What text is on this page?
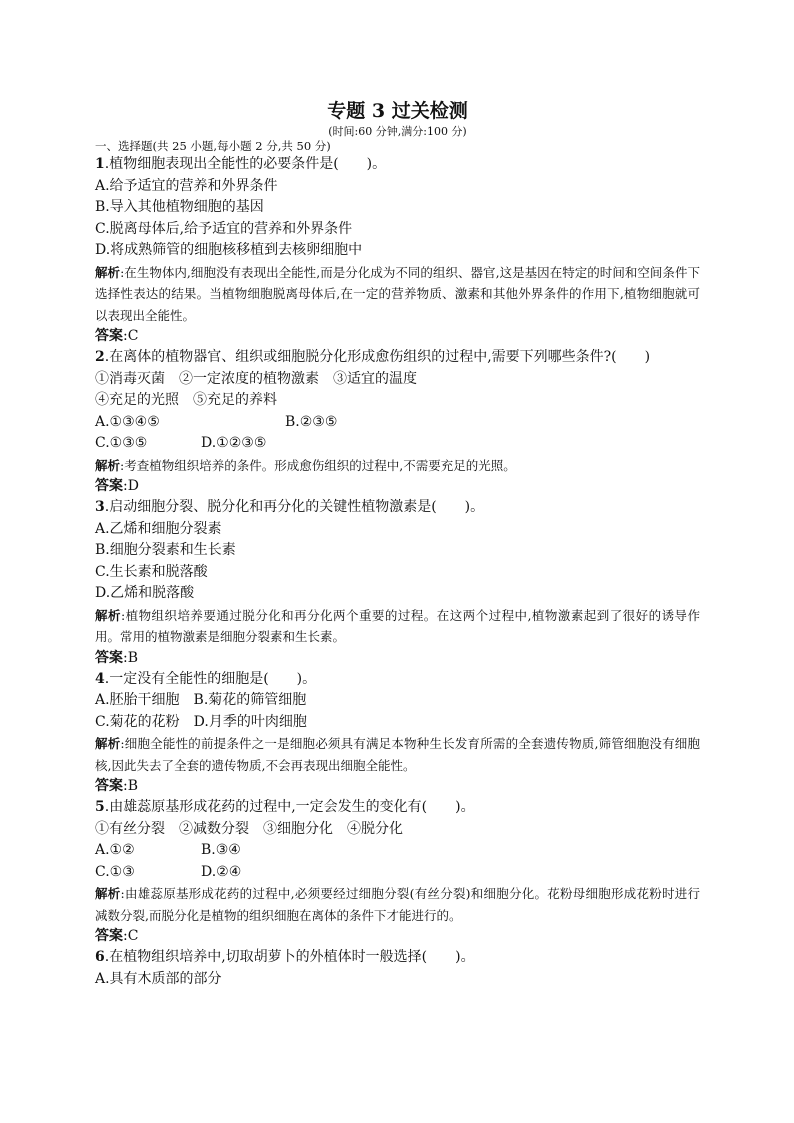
专题 3 过关检测
(时间:60 分钟,满分:100 分)
一、选择题(共 25 小题,每小题 2 分,共 50 分)
1.植物细胞表现出全能性的必要条件是(　　)。
A.给予适宜的营养和外界条件
B.导入其他植物细胞的基因
C.脱离母体后,给予适宜的营养和外界条件
D.将成熟筛管的细胞核移植到去核卵细胞中
解析:在生物体内,细胞没有表现出全能性,而是分化成为不同的组织、器官,这是基因在特定的时间和空间条件下选择性表达的结果。当植物细胞脱离母体后,在一定的营养物质、激素和其他外界条件的作用下,植物细胞就可以表现出全能性。
答案:C
2.在离体的植物器官、组织或细胞脱分化形成愈伤组织的过程中,需要下列哪些条件?(　　)
①消毒灭菌　②一定浓度的植物激素　③适宜的温度
④充足的光照　⑤充足的养料
A.①③④⑤	B.②③⑤
C.①③⑤	D.①②③⑤
解析:考查植物组织培养的条件。形成愈伤组织的过程中,不需要充足的光照。
答案:D
3.启动细胞分裂、脱分化和再分化的关键性植物激素是(　　)。
A.乙烯和细胞分裂素
B.细胞分裂素和生长素
C.生长素和脱落酸
D.乙烯和脱落酸
解析:植物组织培养要通过脱分化和再分化两个重要的过程。在这两个过程中,植物激素起到了很好的诱导作用。常用的植物激素是细胞分裂素和生长素。
答案:B
4.一定没有全能性的细胞是(　　)。
A.胚胎干细胞　B.菊花的筛管细胞
C.菊花的花粉　D.月季的叶肉细胞
解析:细胞全能性的前提条件之一是细胞必须具有满足本物种生长发育所需的全套遗传物质,筛管细胞没有细胞核,因此失去了全套的遗传物质,不会再表现出细胞全能性。
答案:B
5.由雄蕊原基形成花药的过程中,一定会发生的变化有(　　)。
①有丝分裂　②减数分裂　③细胞分化　④脱分化
A.①②	B.③④
C.①③	D.②④
解析:由雄蕊原基形成花药的过程中,必须要经过细胞分裂(有丝分裂)和细胞分化。花粉母细胞形成花粉时进行减数分裂,而脱分化是植物的组织细胞在离体的条件下才能进行的。
答案:C
6.在植物组织培养中,切取胡萝卜的外植体时一般选择(　　)。
A.具有木质部的部分
